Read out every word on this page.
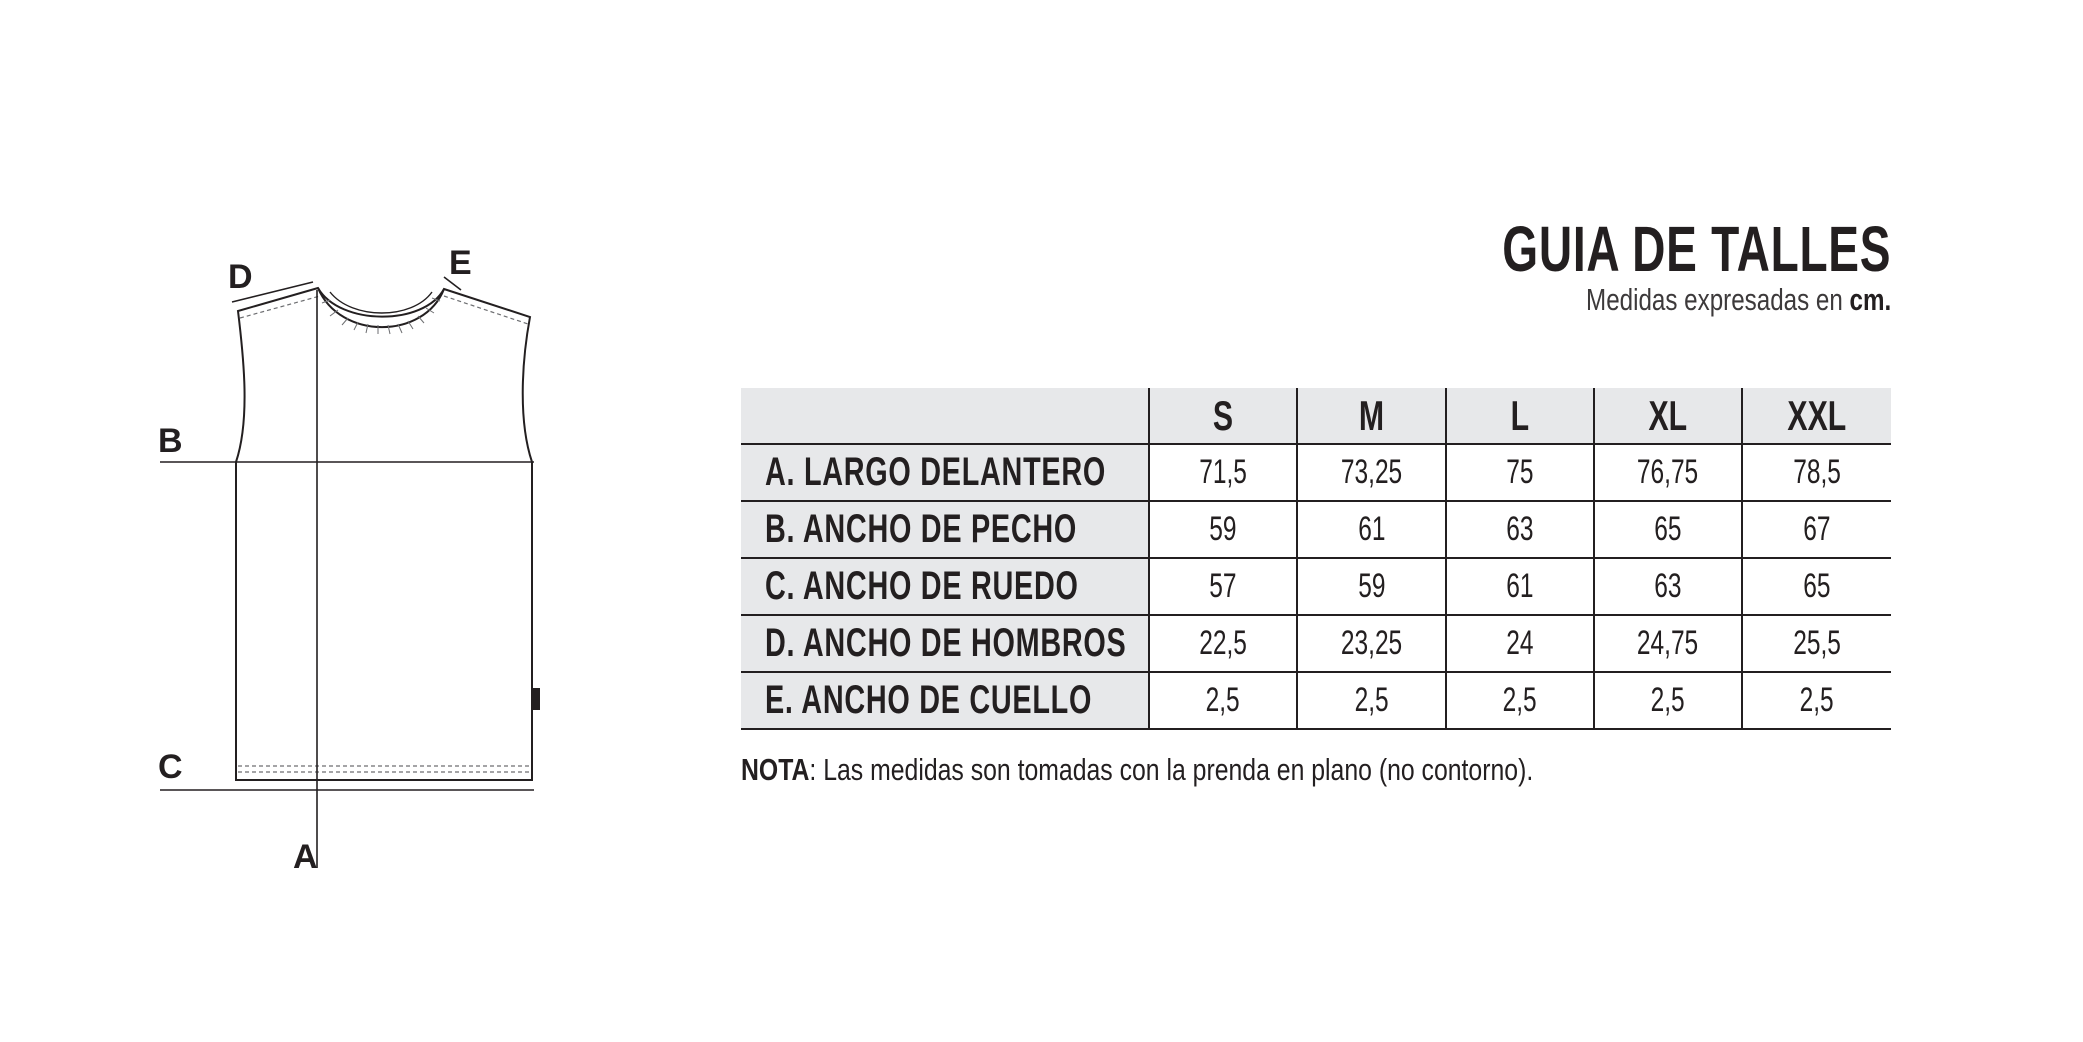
A
B
C
D	E	GUIA DE TALLES
Medidas expresadas en cm.
	S	M	L	XL	XXL
A. LARGO DELANTERO	71,5	73,25	75	76,75	78,5
B. ANCHO DE PECHO	59	61	63	65	67
C. ANCHO DE RUEDO	57	59	61	63	65
D. ANCHO DE HOMBROS	22,5	23,25	24	24,75	25,5
E. ANCHO DE CUELLO	2,5	2,5	2,5	2,5	2,5
NOTA: Las medidas son tomadas con la prenda en plano (no contorno).
